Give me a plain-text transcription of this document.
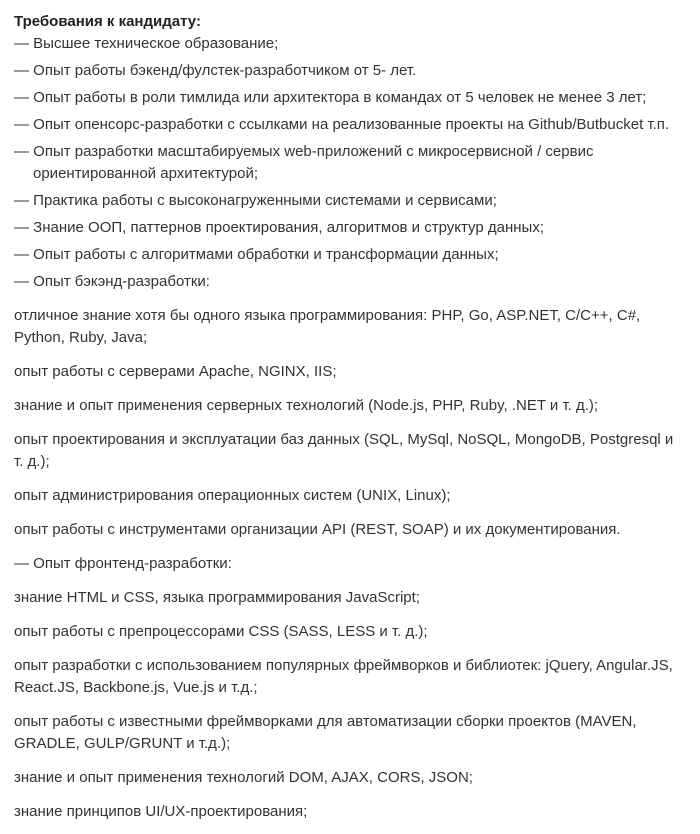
Требования к кандидату:

— Высшее техническое образование;

— Опыт работы бэкенд/фулстек-разработчиком от 5- лет.

— Опыт работы в роли тимлида или архитектора в командах от 5 человек не менее 3 лет;

— Опыт опенсорс-разработки с ссылками на реализованные проекты на Github/Butbucket т.п.

— Опыт разработки масштабируемых web-приложений с микросервисной / сервис ориентированной архитектурой;

— Практика работы с высоконагруженными системами и сервисами;

— Знание ООП, паттернов проектирования, алгоритмов и структур данных;

— Опыт работы с алгоритмами обработки и трансформации данных;

— Опыт бэкэнд-разработки:

отличное знание хотя бы одного языка программирования: PHP, Go, ASP.NET, C/C++, C#, Python, Ruby, Java;

опыт работы с серверами Apache, NGINX, IIS;

знание и опыт применения серверных технологий (Node.js, PHP, Ruby, .NET и т. д.);

опыт проектирования и эксплуатации баз данных (SQL, MySql, NoSQL, MongoDB, Postgresql и т. д.);

опыт администрирования операционных систем (UNIX, Linux);

опыт работы с инструментами организации API (REST, SOAP) и их документирования.

— Опыт фронтенд-разработки:

знание HTML и CSS, языка программирования JavaScript;

опыт работы с препроцессорами CSS (SASS, LESS и т. д.);

опыт разработки с использованием популярных фреймворков и библиотек: jQuery, Angular.JS, React.JS, Backbone.js, Vue.js и т.д.;

опыт работы с известными фреймворками для автоматизации сборки проектов (MAVEN, GRADLE, GULP/GRUNT и т.д.);

знание и опыт применения технологий DOM, AJAX, CORS, JSON;

знание принципов UI/UX-проектирования;
